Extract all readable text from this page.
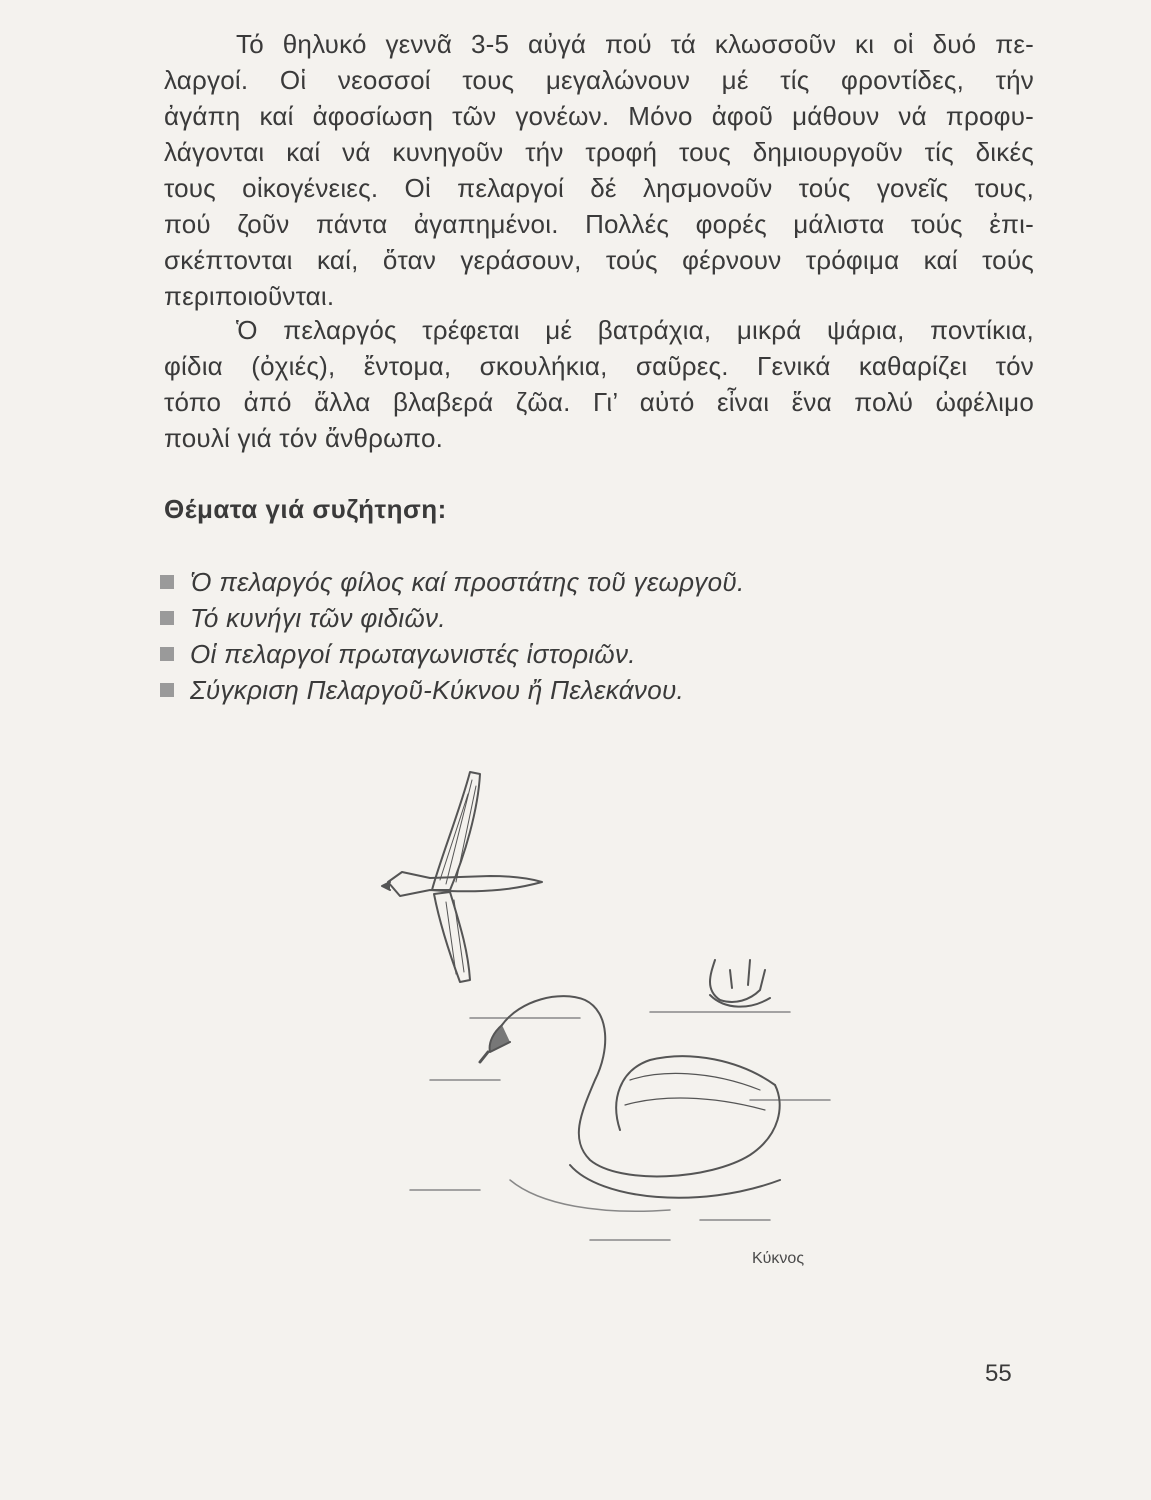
Τό θηλυκό γεννᾶ 3-5 αὐγά πού τά κλωσσοῦν κι οἱ δυό πε-
λαργοί. Οἱ νεοσσοί τους μεγαλώνουν μέ τίς φροντίδες, τήν
ἀγάπη καί ἀφοσίωση τῶν γονέων. Μόνο ἀφοῦ μάθουν νά προφυ-
λάγονται καί νά κυνηγοῦν τήν τροφή τους δημιουργοῦν τίς δικές
τους οἰκογένειες. Οἱ πελαργοί δέ λησμονοῦν τούς γονεῖς τους,
πού ζοῦν πάντα ἀγαπημένοι. Πολλές φορές μάλιστα τούς ἐπι-
σκέπτονται καί, ὅταν γεράσουν, τούς φέρνουν τρόφιμα καί τούς
περιποιοῦνται.
Ὁ πελαργός τρέφεται μέ βατράχια, μικρά ψάρια, ποντίκια,
φίδια (ὀχιές), ἔντομα, σκουλήκια, σαῦρες. Γενικά καθαρίζει τόν
τόπο ἀπό ἄλλα βλαβερά ζῶα. Γι’ αὐτό εἶναι ἕνα πολύ ὠφέλιμο
πουλί γιά τόν ἄνθρωπο.
Θέματα γιά συζήτηση:
Ὁ πελαργός φίλος καί προστάτης τοῦ γεωργοῦ.
Τό κυνήγι τῶν φιδιῶν.
Οἱ πελαργοί πρωταγωνιστές ἱστοριῶν.
Σύγκριση Πελαργοῦ-Κύκνου ἤ Πελεκάνου.
Κύκνος
55
